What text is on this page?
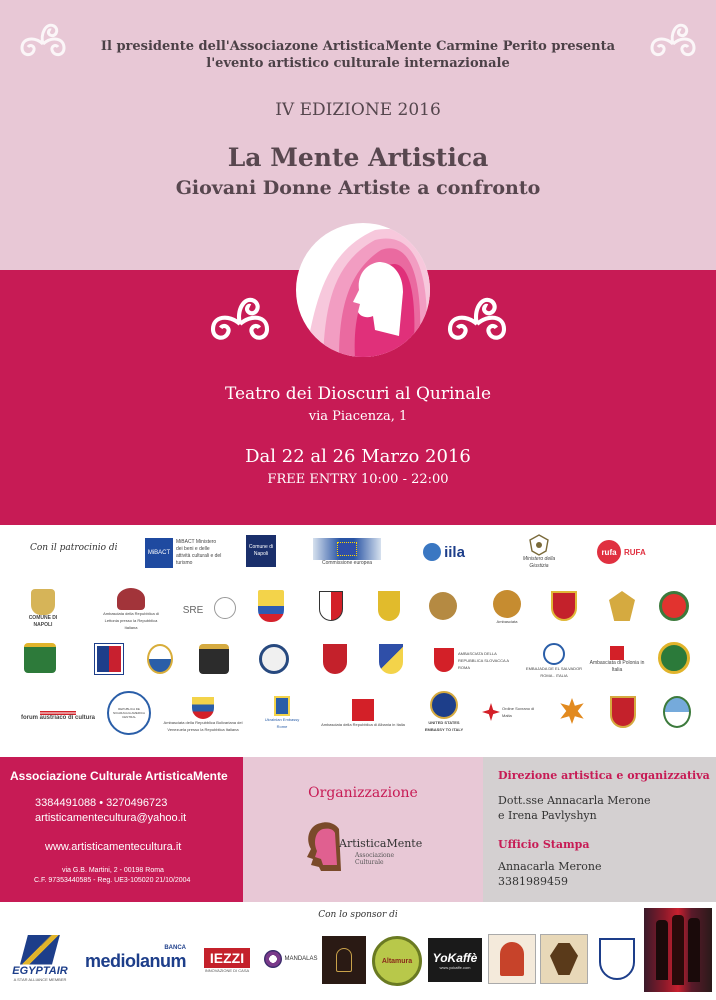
Il presidente dell'Associazone ArtisticaMente Carmine Perito presenta
l'evento artistico culturale internazionale
IV EDIZIONE 2016
La Mente Artistica
Giovani Donne Artiste a confronto
Teatro dei Dioscuri al Qurinale
via Piacenza, 1
Dal 22 al 26 Marzo 2016
FREE ENTRY 10:00 - 22:00
Con il patrocinio di	MiBACT
MiBACT Ministero dei beni e delle attività culturali e del turismo
Comune di Napoli
Commissione europea
iila	Ministero della Giustizia
rufa RUFA
COMUNE DI NAPOLI
Ambasciata della Repubblica di Lettonia presso la Repubblica Italiana
SRE
Ambasciata
AMBASCIATA DELLA REPUBBLICA SLOVACCA A ROMA	EMBAJADA DE EL SALVADOR ROMA - ITALIA
Ambasciata di Polonia in Italia
forum austriaco di cultura
REPUBLICA DE NICARAGUA AMERICA CENTRAL
Ambasciata della Repubblica Bolivariana del Venezuela presso la Repubblica Italiana
Ukrainian Embassy Rome	Ambasciata della Repubblica di Albania in Italia	UNITED STATES EMBASSY TO ITALY
Ordine Sovrano di Malta
Associazione Culturale ArtisticaMente
3384491088 • 3270496723
artisticamentecultura@yahoo.it
www.artisticamentecultura.it
via G.B. Martini, 2 - 00198 Roma
C.F. 97353440585 - Reg. UE3-105020 21/10/2004
Organizzazione
ArtisticaMente
Associazione Culturale
Direzione artistica e organizzativa
Dott.sse Annacarla Merone
e Irena Pavlyshyn
Ufficio Stampa
Annacarla Merone
3381989459
Con lo sponsor di
EGYPTAIR
A STAR ALLIANCE MEMBER
BANCA
mediolanum	IEZZI
INNOVAZIONE DI CASA
MANDALAS	Altamura YoKaffè
www.yokaffe.com
